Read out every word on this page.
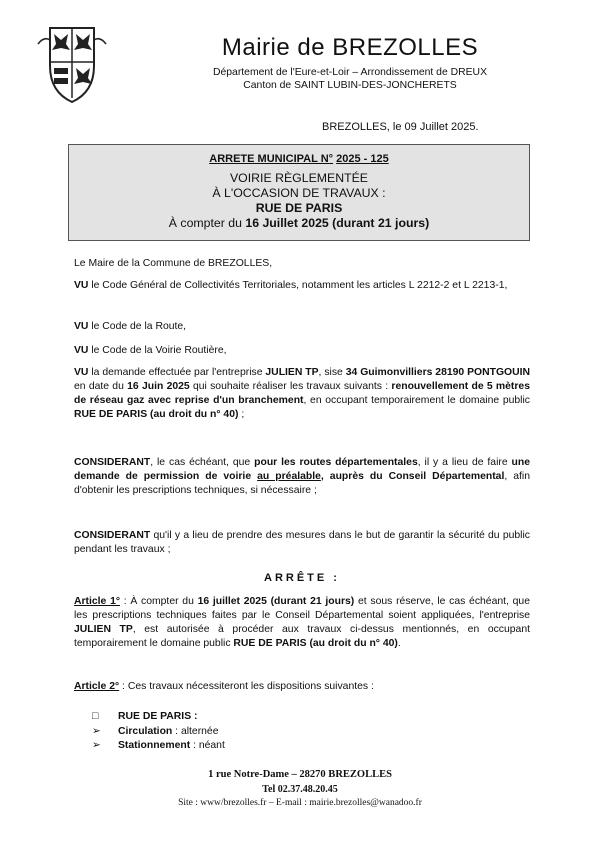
Mairie de BREZOLLES
Département de l'Eure-et-Loir – Arrondissement de DREUX
Canton de SAINT LUBIN-DES-JONCHERETS
BREZOLLES, le 09 Juillet 2025.
ARRETE MUNICIPAL N° 2025 - 125
VOIRIE RÈGLEMENTÉE
À L'OCCASION DE TRAVAUX :
RUE DE PARIS
À compter du 16 Juillet 2025 (durant 21 jours)
Le Maire de la Commune de BREZOLLES,
VU le Code Général de Collectivités Territoriales, notamment les articles L 2212-2 et L 2213-1,
VU le Code de la Route,
VU le Code de la Voirie Routière,
VU la demande effectuée par l'entreprise JULIEN TP, sise 34 Guimonvilliers 28190 PONTGOUIN en date du 16 Juin 2025 qui souhaite réaliser les travaux suivants : renouvellement de 5 mètres de réseau gaz avec reprise d'un branchement, en occupant temporairement le domaine public RUE DE PARIS (au droit du n° 40) ;
CONSIDERANT, le cas échéant, que pour les routes départementales, il y a lieu de faire une demande de permission de voirie au préalable, auprès du Conseil Départemental, afin d'obtenir les prescriptions techniques, si nécessaire ;
CONSIDERANT qu'il y a lieu de prendre des mesures dans le but de garantir la sécurité du public pendant les travaux ;
ARRÊTE :
Article 1° : À compter du 16 juillet 2025 (durant 21 jours) et sous réserve, le cas échéant, que les prescriptions techniques faites par le Conseil Départemental soient appliquées, l'entreprise JULIEN TP, est autorisée à procéder aux travaux ci-dessus mentionnés, en occupant temporairement le domaine public RUE DE PARIS (au droit du n° 40).
Article 2° : Ces travaux nécessiteront les dispositions suivantes :
□ RUE DE PARIS :
➢ Circulation : alternée
➢ Stationnement : néant
1 rue Notre-Dame – 28270 BREZOLLES
Tel 02.37.48.20.45
Site : www/brezolles.fr – E-mail : mairie.brezolles@wanadoo.fr
